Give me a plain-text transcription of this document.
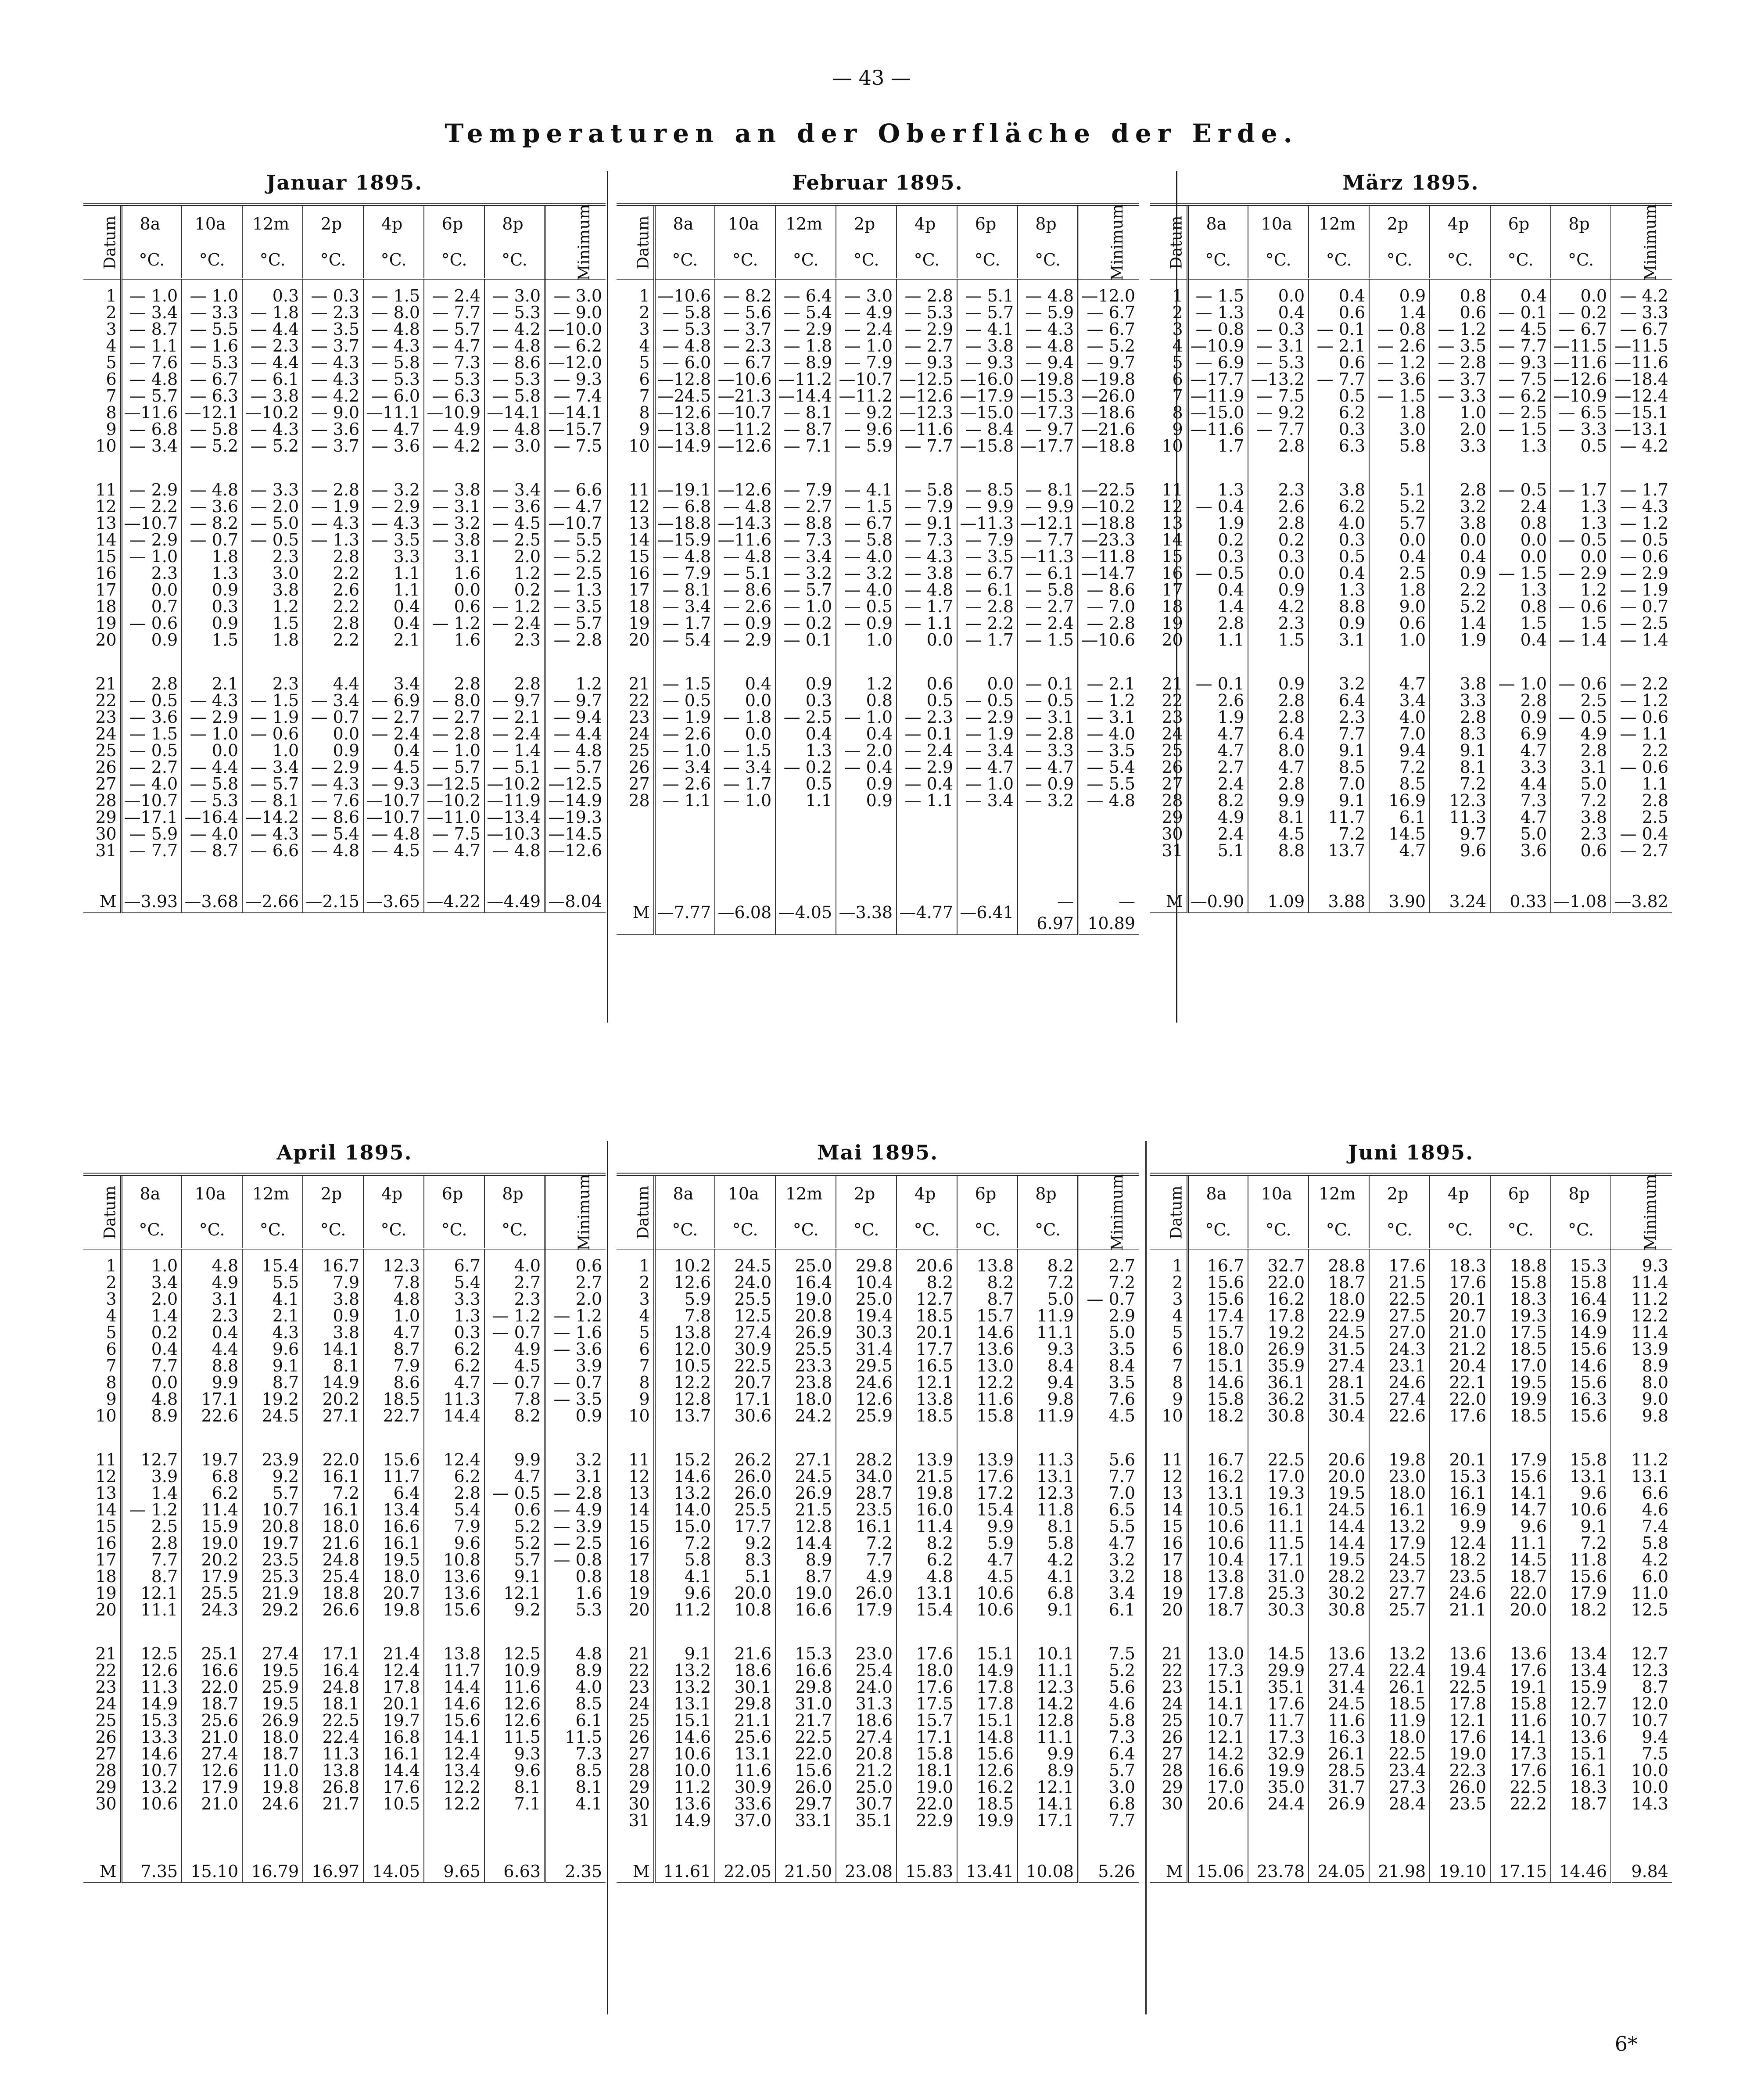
— 43 —
Temperaturen an der Oberfläche der Erde.
Januar 1895.
Datum	8a	10a	12m	2p	4p	6p	8p	Minimum
	°C.	°C.	°C.	°C.	°C.	°C.	°C.	

1	— 1.0	— 1.0	0.3	— 0.3	— 1.5	— 2.4	— 3.0	— 3.0
2	— 3.4	— 3.3	— 1.8	— 2.3	— 8.0	— 7.7	— 5.3	— 9.0
3	— 8.7	— 5.5	— 4.4	— 3.5	— 4.8	— 5.7	— 4.2	—10.0
4	— 1.1	— 1.6	— 2.3	— 3.7	— 4.3	— 4.7	— 4.8	— 6.2
5	— 7.6	— 5.3	— 4.4	— 4.3	— 5.8	— 7.3	— 8.6	—12.0
6	— 4.8	— 6.7	— 6.1	— 4.3	— 5.3	— 5.3	— 5.3	— 9.3
7	— 5.7	— 6.3	— 3.8	— 4.2	— 6.0	— 6.3	— 5.8	— 7.4
8	—11.6	—12.1	—10.2	— 9.0	—11.1	—10.9	—14.1	—14.1
9	— 6.8	— 5.8	— 4.3	— 3.6	— 4.7	— 4.9	— 4.8	—15.7
10	— 3.4	— 5.2	— 5.2	— 3.7	— 3.6	— 4.2	— 3.0	— 7.5

11	— 2.9	— 4.8	— 3.3	— 2.8	— 3.2	— 3.8	— 3.4	— 6.6
12	— 2.2	— 3.6	— 2.0	— 1.9	— 2.9	— 3.1	— 3.6	— 4.7
13	—10.7	— 8.2	— 5.0	— 4.3	— 4.3	— 3.2	— 4.5	—10.7
14	— 2.9	— 0.7	— 0.5	— 1.3	— 3.5	— 3.8	— 2.5	— 5.5
15	— 1.0	1.8	2.3	2.8	3.3	3.1	2.0	— 5.2
16	2.3	1.3	3.0	2.2	1.1	1.6	1.2	— 2.5
17	0.0	0.9	3.8	2.6	1.1	0.0	0.2	— 1.3
18	0.7	0.3	1.2	2.2	0.4	0.6	— 1.2	— 3.5
19	— 0.6	0.9	1.5	2.8	0.4	— 1.2	— 2.4	— 5.7
20	0.9	1.5	1.8	2.2	2.1	1.6	2.3	— 2.8

21	2.8	2.1	2.3	4.4	3.4	2.8	2.8	1.2
22	— 0.5	— 4.3	— 1.5	— 3.4	— 6.9	— 8.0	— 9.7	— 9.7
23	— 3.6	— 2.9	— 1.9	— 0.7	— 2.7	— 2.7	— 2.1	— 9.4
24	— 1.5	— 1.0	— 0.6	0.0	— 2.4	— 2.8	— 2.4	— 4.4
25	— 0.5	0.0	1.0	0.9	0.4	— 1.0	— 1.4	— 4.8
26	— 2.7	— 4.4	— 3.4	— 2.9	— 4.5	— 5.7	— 5.1	— 5.7
27	— 4.0	— 5.8	— 5.7	— 4.3	— 9.3	—12.5	—10.2	—12.5
28	—10.7	— 5.3	— 8.1	— 7.6	—10.7	—10.2	—11.9	—14.9
29	—17.1	—16.4	—14.2	— 8.6	—10.7	—11.0	—13.4	—19.3
30	— 5.9	— 4.0	— 4.3	— 5.4	— 4.8	— 7.5	—10.3	—14.5
31	— 7.7	— 8.7	— 6.6	— 4.8	— 4.5	— 4.7	— 4.8	—12.6

M	—3.93	—3.68	—2.66	—2.15	—3.65	—4.22	—4.49	—8.04
Februar 1895.
Datum	8a	10a	12m	2p	4p	6p	8p	Minimum
	°C.	°C.	°C.	°C.	°C.	°C.	°C.	

1	—10.6	— 8.2	— 6.4	— 3.0	— 2.8	— 5.1	— 4.8	—12.0
2	— 5.8	— 5.6	— 5.4	— 4.9	— 5.3	— 5.7	— 5.9	— 6.7
3	— 5.3	— 3.7	— 2.9	— 2.4	— 2.9	— 4.1	— 4.3	— 6.7
4	— 4.8	— 2.3	— 1.8	— 1.0	— 2.7	— 3.8	— 4.8	— 5.2
5	— 6.0	— 6.7	— 8.9	— 7.9	— 9.3	— 9.3	— 9.4	— 9.7
6	—12.8	—10.6	—11.2	—10.7	—12.5	—16.0	—19.8	—19.8
7	—24.5	—21.3	—14.4	—11.2	—12.6	—17.9	—15.3	—26.0
8	—12.6	—10.7	— 8.1	— 9.2	—12.3	—15.0	—17.3	—18.6
9	—13.8	—11.2	— 8.7	— 9.6	—11.6	— 8.4	— 9.7	—21.6
10	—14.9	—12.6	— 7.1	— 5.9	— 7.7	—15.8	—17.7	—18.8

11	—19.1	—12.6	— 7.9	— 4.1	— 5.8	— 8.5	— 8.1	—22.5
12	— 6.8	— 4.8	— 2.7	— 1.5	— 7.9	— 9.9	— 9.9	—10.2
13	—18.8	—14.3	— 8.8	— 6.7	— 9.1	—11.3	—12.1	—18.8
14	—15.9	—11.6	— 7.3	— 5.8	— 7.3	— 7.9	— 7.7	—23.3
15	— 4.8	— 4.8	— 3.4	— 4.0	— 4.3	— 3.5	—11.3	—11.8
16	— 7.9	— 5.1	— 3.2	— 3.2	— 3.8	— 6.7	— 6.1	—14.7
17	— 8.1	— 8.6	— 5.7	— 4.0	— 4.8	— 6.1	— 5.8	— 8.6
18	— 3.4	— 2.6	— 1.0	— 0.5	— 1.7	— 2.8	— 2.7	— 7.0
19	— 1.7	— 0.9	— 0.2	— 0.9	— 1.1	— 2.2	— 2.4	— 2.8
20	— 5.4	— 2.9	— 0.1	1.0	0.0	— 1.7	— 1.5	—10.6

21	— 1.5	0.4	0.9	1.2	0.6	0.0	— 0.1	— 2.1
22	— 0.5	0.0	0.3	0.8	0.5	— 0.5	— 0.5	— 1.2
23	— 1.9	— 1.8	— 2.5	— 1.0	— 2.3	— 2.9	— 3.1	— 3.1
24	— 2.6	0.0	0.4	0.4	— 0.1	— 1.9	— 2.8	— 4.0
25	— 1.0	— 1.5	1.3	— 2.0	— 2.4	— 3.4	— 3.3	— 3.5
26	— 3.4	— 3.4	— 0.2	— 0.4	— 2.9	— 4.7	— 4.7	— 5.4
27	— 2.6	— 1.7	0.5	0.9	— 0.4	— 1.0	— 0.9	— 5.5
28	— 1.1	— 1.0	1.1	0.9	— 1.1	— 3.4	— 3.2	— 4.8

M	—7.77	—6.08	—4.05	—3.38	—4.77	—6.41	— 6.97	—10.89
März 1895.
Datum	8a	10a	12m	2p	4p	6p	8p	Minimum
	°C.	°C.	°C.	°C.	°C.	°C.	°C.	

1	— 1.5	0.0	0.4	0.9	0.8	0.4	0.0	— 4.2
2	— 1.3	0.4	0.6	1.4	0.6	— 0.1	— 0.2	— 3.3
3	— 0.8	— 0.3	— 0.1	— 0.8	— 1.2	— 4.5	— 6.7	— 6.7
4	—10.9	— 3.1	— 2.1	— 2.6	— 3.5	— 7.7	—11.5	—11.5
5	— 6.9	— 5.3	0.6	— 1.2	— 2.8	— 9.3	—11.6	—11.6
6	—17.7	—13.2	— 7.7	— 3.6	— 3.7	— 7.5	—12.6	—18.4
7	—11.9	— 7.5	0.5	— 1.5	— 3.3	— 6.2	—10.9	—12.4
8	—15.0	— 9.2	6.2	1.8	1.0	— 2.5	— 6.5	—15.1
9	—11.6	— 7.7	0.3	3.0	2.0	— 1.5	— 3.3	—13.1
10	1.7	2.8	6.3	5.8	3.3	1.3	0.5	— 4.2

11	1.3	2.3	3.8	5.1	2.8	— 0.5	— 1.7	— 1.7
12	— 0.4	2.6	6.2	5.2	3.2	2.4	1.3	— 4.3
13	1.9	2.8	4.0	5.7	3.8	0.8	1.3	— 1.2
14	0.2	0.2	0.3	0.0	0.0	0.0	— 0.5	— 0.5
15	0.3	0.3	0.5	0.4	0.4	0.0	0.0	— 0.6
16	— 0.5	0.0	0.4	2.5	0.9	— 1.5	— 2.9	— 2.9
17	0.4	0.9	1.3	1.8	2.2	1.3	1.2	— 1.9
18	1.4	4.2	8.8	9.0	5.2	0.8	— 0.6	— 0.7
19	2.8	2.3	0.9	0.6	1.4	1.5	1.5	— 2.5
20	1.1	1.5	3.1	1.0	1.9	0.4	— 1.4	— 1.4

21	— 0.1	0.9	3.2	4.7	3.8	— 1.0	— 0.6	— 2.2
22	2.6	2.8	6.4	3.4	3.3	2.8	2.5	— 1.2
23	1.9	2.8	2.3	4.0	2.8	0.9	— 0.5	— 0.6
24	4.7	6.4	7.7	7.0	8.3	6.9	4.9	— 1.1
25	4.7	8.0	9.1	9.4	9.1	4.7	2.8	2.2
26	2.7	4.7	8.5	7.2	8.1	3.3	3.1	— 0.6
27	2.4	2.8	7.0	8.5	7.2	4.4	5.0	1.1
28	8.2	9.9	9.1	16.9	12.3	7.3	7.2	2.8
29	4.9	8.1	11.7	6.1	11.3	4.7	3.8	2.5
30	2.4	4.5	7.2	14.5	9.7	5.0	2.3	— 0.4
31	5.1	8.8	13.7	4.7	9.6	3.6	0.6	— 2.7

M	—0.90	1.09	3.88	3.90	3.24	0.33	—1.08	—3.82
April 1895.
Datum	8a	10a	12m	2p	4p	6p	8p	Minimum
	°C.	°C.	°C.	°C.	°C.	°C.	°C.	

1	1.0	4.8	15.4	16.7	12.3	6.7	4.0	0.6
2	3.4	4.9	5.5	7.9	7.8	5.4	2.7	2.7
3	2.0	3.1	4.1	3.8	4.8	3.3	2.3	2.0
4	1.4	2.3	2.1	0.9	1.0	1.3	— 1.2	— 1.2
5	0.2	0.4	4.3	3.8	4.7	0.3	— 0.7	— 1.6
6	0.4	4.4	9.6	14.1	8.7	6.2	4.9	— 3.6
7	7.7	8.8	9.1	8.1	7.9	6.2	4.5	3.9
8	0.0	9.9	8.7	14.9	8.6	4.7	— 0.7	— 0.7
9	4.8	17.1	19.2	20.2	18.5	11.3	7.8	— 3.5
10	8.9	22.6	24.5	27.1	22.7	14.4	8.2	0.9

11	12.7	19.7	23.9	22.0	15.6	12.4	9.9	3.2
12	3.9	6.8	9.2	16.1	11.7	6.2	4.7	3.1
13	1.4	6.2	5.7	7.2	6.4	2.8	— 0.5	— 2.8
14	— 1.2	11.4	10.7	16.1	13.4	5.4	0.6	— 4.9
15	2.5	15.9	20.8	18.0	16.6	7.9	5.2	— 3.9
16	2.8	19.0	19.7	21.6	16.1	9.6	5.2	— 2.5
17	7.7	20.2	23.5	24.8	19.5	10.8	5.7	— 0.8
18	8.7	17.9	25.3	25.4	18.0	13.6	9.1	0.8
19	12.1	25.5	21.9	18.8	20.7	13.6	12.1	1.6
20	11.1	24.3	29.2	26.6	19.8	15.6	9.2	5.3

21	12.5	25.1	27.4	17.1	21.4	13.8	12.5	4.8
22	12.6	16.6	19.5	16.4	12.4	11.7	10.9	8.9
23	11.3	22.0	25.9	24.8	17.8	14.4	11.6	4.0
24	14.9	18.7	19.5	18.1	20.1	14.6	12.6	8.5
25	15.3	25.6	26.9	22.5	19.7	15.6	12.6	6.1
26	13.3	21.0	18.0	22.4	16.8	14.1	11.5	11.5
27	14.6	27.4	18.7	11.3	16.1	12.4	9.3	7.3
28	10.7	12.6	11.0	13.8	14.4	13.4	9.6	8.5
29	13.2	17.9	19.8	26.8	17.6	12.2	8.1	8.1
30	10.6	21.0	24.6	21.7	10.5	12.2	7.1	4.1

M	7.35	15.10	16.79	16.97	14.05	9.65	6.63	2.35
Mai 1895.
Datum	8a	10a	12m	2p	4p	6p	8p	Minimum
	°C.	°C.	°C.	°C.	°C.	°C.	°C.	

1	10.2	24.5	25.0	29.8	20.6	13.8	8.2	2.7
2	12.6	24.0	16.4	10.4	8.2	8.2	7.2	7.2
3	5.9	25.5	19.0	25.0	12.7	8.7	5.0	— 0.7
4	7.8	12.5	20.8	19.4	18.5	15.7	11.9	2.9
5	13.8	27.4	26.9	30.3	20.1	14.6	11.1	5.0
6	12.0	30.9	25.5	31.4	17.7	13.6	9.3	3.5
7	10.5	22.5	23.3	29.5	16.5	13.0	8.4	8.4
8	12.2	20.7	23.8	24.6	12.1	12.2	9.4	3.5
9	12.8	17.1	18.0	12.6	13.8	11.6	9.8	7.6
10	13.7	30.6	24.2	25.9	18.5	15.8	11.9	4.5

11	15.2	26.2	27.1	28.2	13.9	13.9	11.3	5.6
12	14.6	26.0	24.5	34.0	21.5	17.6	13.1	7.7
13	13.2	26.0	26.9	28.7	19.8	17.2	12.3	7.0
14	14.0	25.5	21.5	23.5	16.0	15.4	11.8	6.5
15	15.0	17.7	12.8	16.1	11.4	9.9	8.1	5.5
16	7.2	9.2	14.4	7.2	8.2	5.9	5.8	4.7
17	5.8	8.3	8.9	7.7	6.2	4.7	4.2	3.2
18	4.1	5.1	8.7	4.9	4.8	4.5	4.1	3.2
19	9.6	20.0	19.0	26.0	13.1	10.6	6.8	3.4
20	11.2	10.8	16.6	17.9	15.4	10.6	9.1	6.1

21	9.1	21.6	15.3	23.0	17.6	15.1	10.1	7.5
22	13.2	18.6	16.6	25.4	18.0	14.9	11.1	5.2
23	13.2	30.1	29.8	24.0	17.6	17.8	12.3	5.6
24	13.1	29.8	31.0	31.3	17.5	17.8	14.2	4.6
25	15.1	21.1	21.7	18.6	15.7	15.1	12.8	5.8
26	14.6	25.6	22.5	27.4	17.1	14.8	11.1	7.3
27	10.6	13.1	22.0	20.8	15.8	15.6	9.9	6.4
28	10.0	11.6	15.6	21.2	18.1	12.6	8.9	5.7
29	11.2	30.9	26.0	25.0	19.0	16.2	12.1	3.0
30	13.6	33.6	29.7	30.7	22.0	18.5	14.1	6.8
31	14.9	37.0	33.1	35.1	22.9	19.9	17.1	7.7

M	11.61	22.05	21.50	23.08	15.83	13.41	10.08	5.26
Juni 1895.
Datum	8a	10a	12m	2p	4p	6p	8p	Minimum
	°C.	°C.	°C.	°C.	°C.	°C.	°C.	

1	16.7	32.7	28.8	17.6	18.3	18.8	15.3	9.3
2	15.6	22.0	18.7	21.5	17.6	15.8	15.8	11.4
3	15.6	16.2	18.0	22.5	20.1	18.3	16.4	11.2
4	17.4	17.8	22.9	27.5	20.7	19.3	16.9	12.2
5	15.7	19.2	24.5	27.0	21.0	17.5	14.9	11.4
6	18.0	26.9	31.5	24.3	21.2	18.5	15.6	13.9
7	15.1	35.9	27.4	23.1	20.4	17.0	14.6	8.9
8	14.6	36.1	28.1	24.6	22.1	19.5	15.6	8.0
9	15.8	36.2	31.5	27.4	22.0	19.9	16.3	9.0
10	18.2	30.8	30.4	22.6	17.6	18.5	15.6	9.8

11	16.7	22.5	20.6	19.8	20.1	17.9	15.8	11.2
12	16.2	17.0	20.0	23.0	15.3	15.6	13.1	13.1
13	13.1	19.3	19.5	18.0	16.1	14.1	9.6	6.6
14	10.5	16.1	24.5	16.1	16.9	14.7	10.6	4.6
15	10.6	11.1	14.4	13.2	9.9	9.6	9.1	7.4
16	10.6	11.5	14.4	17.9	12.4	11.1	7.2	5.8
17	10.4	17.1	19.5	24.5	18.2	14.5	11.8	4.2
18	13.8	31.0	28.2	23.7	23.5	18.7	15.6	6.0
19	17.8	25.3	30.2	27.7	24.6	22.0	17.9	11.0
20	18.7	30.3	30.8	25.7	21.1	20.0	18.2	12.5

21	13.0	14.5	13.6	13.2	13.6	13.6	13.4	12.7
22	17.3	29.9	27.4	22.4	19.4	17.6	13.4	12.3
23	15.1	35.1	31.4	26.1	22.5	19.1	15.9	8.7
24	14.1	17.6	24.5	18.5	17.8	15.8	12.7	12.0
25	10.7	11.7	11.6	11.9	12.1	11.6	10.7	10.7
26	12.1	17.3	16.3	18.0	17.6	14.1	13.6	9.4
27	14.2	32.9	26.1	22.5	19.0	17.3	15.1	7.5
28	16.6	19.9	28.5	23.4	22.3	17.6	16.1	10.0
29	17.0	35.0	31.7	27.3	26.0	22.5	18.3	10.0
30	20.6	24.4	26.9	28.4	23.5	22.2	18.7	14.3

M	15.06	23.78	24.05	21.98	19.10	17.15	14.46	9.84
6*
